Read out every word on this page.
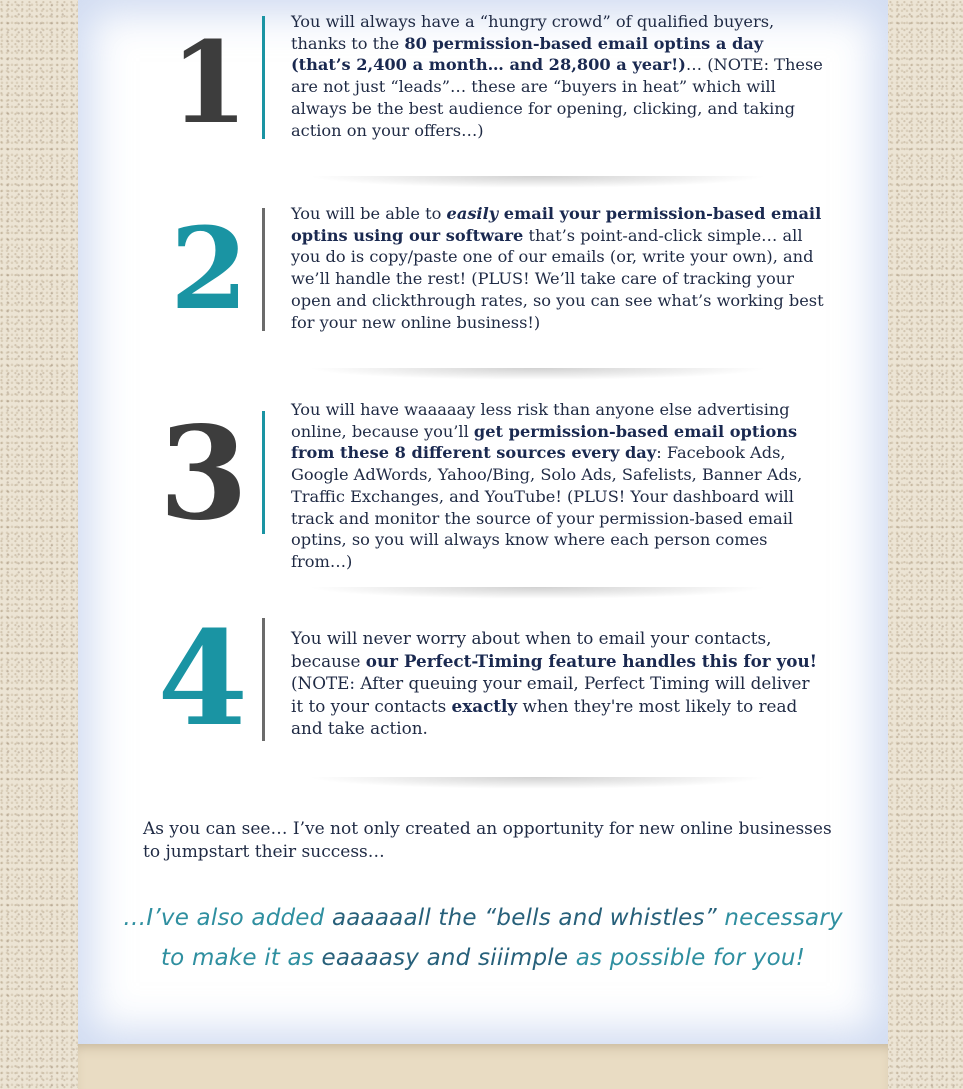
1	You will always have a “hungry crowd” of qualified buyers, thanks to the 80 permission-based email optins a day (that’s 2,400 a month… and 28,800 a year!)… (NOTE: These are not just “leads”… these are “buyers in heat” which will always be the best audience for opening, clicking, and taking action on your offers…)
2	You will be able to easily email your permission-based email optins using our software that’s point-and-click simple… all you do is copy/paste one of our emails (or, write your own), and we’ll handle the rest! (PLUS! We’ll take care of tracking your open and clickthrough rates, so you can see what’s working best for your new online business!)
3	You will have waaaaay less risk than anyone else advertising online, because you’ll get permission-based email options from these 8 different sources every day: Facebook Ads, Google AdWords, Yahoo/Bing, Solo Ads, Safelists, Banner Ads, Traffic Exchanges, and YouTube! (PLUS! Your dashboard will track and monitor the source of your permission-based email optins, so you will always know where each person comes from…)
4	You will never worry about when to email your contacts, because our Perfect-Timing feature handles this for you! (NOTE: After queuing your email, Perfect Timing will deliver it to your contacts exactly when they're most likely to read and take action.
As you can see… I’ve not only created an opportunity for new online businesses to jumpstart their success…
…I’ve also added aaaaaall the “bells and whistles” necessary to make it as eaaaasy and siiimple as possible for you!
